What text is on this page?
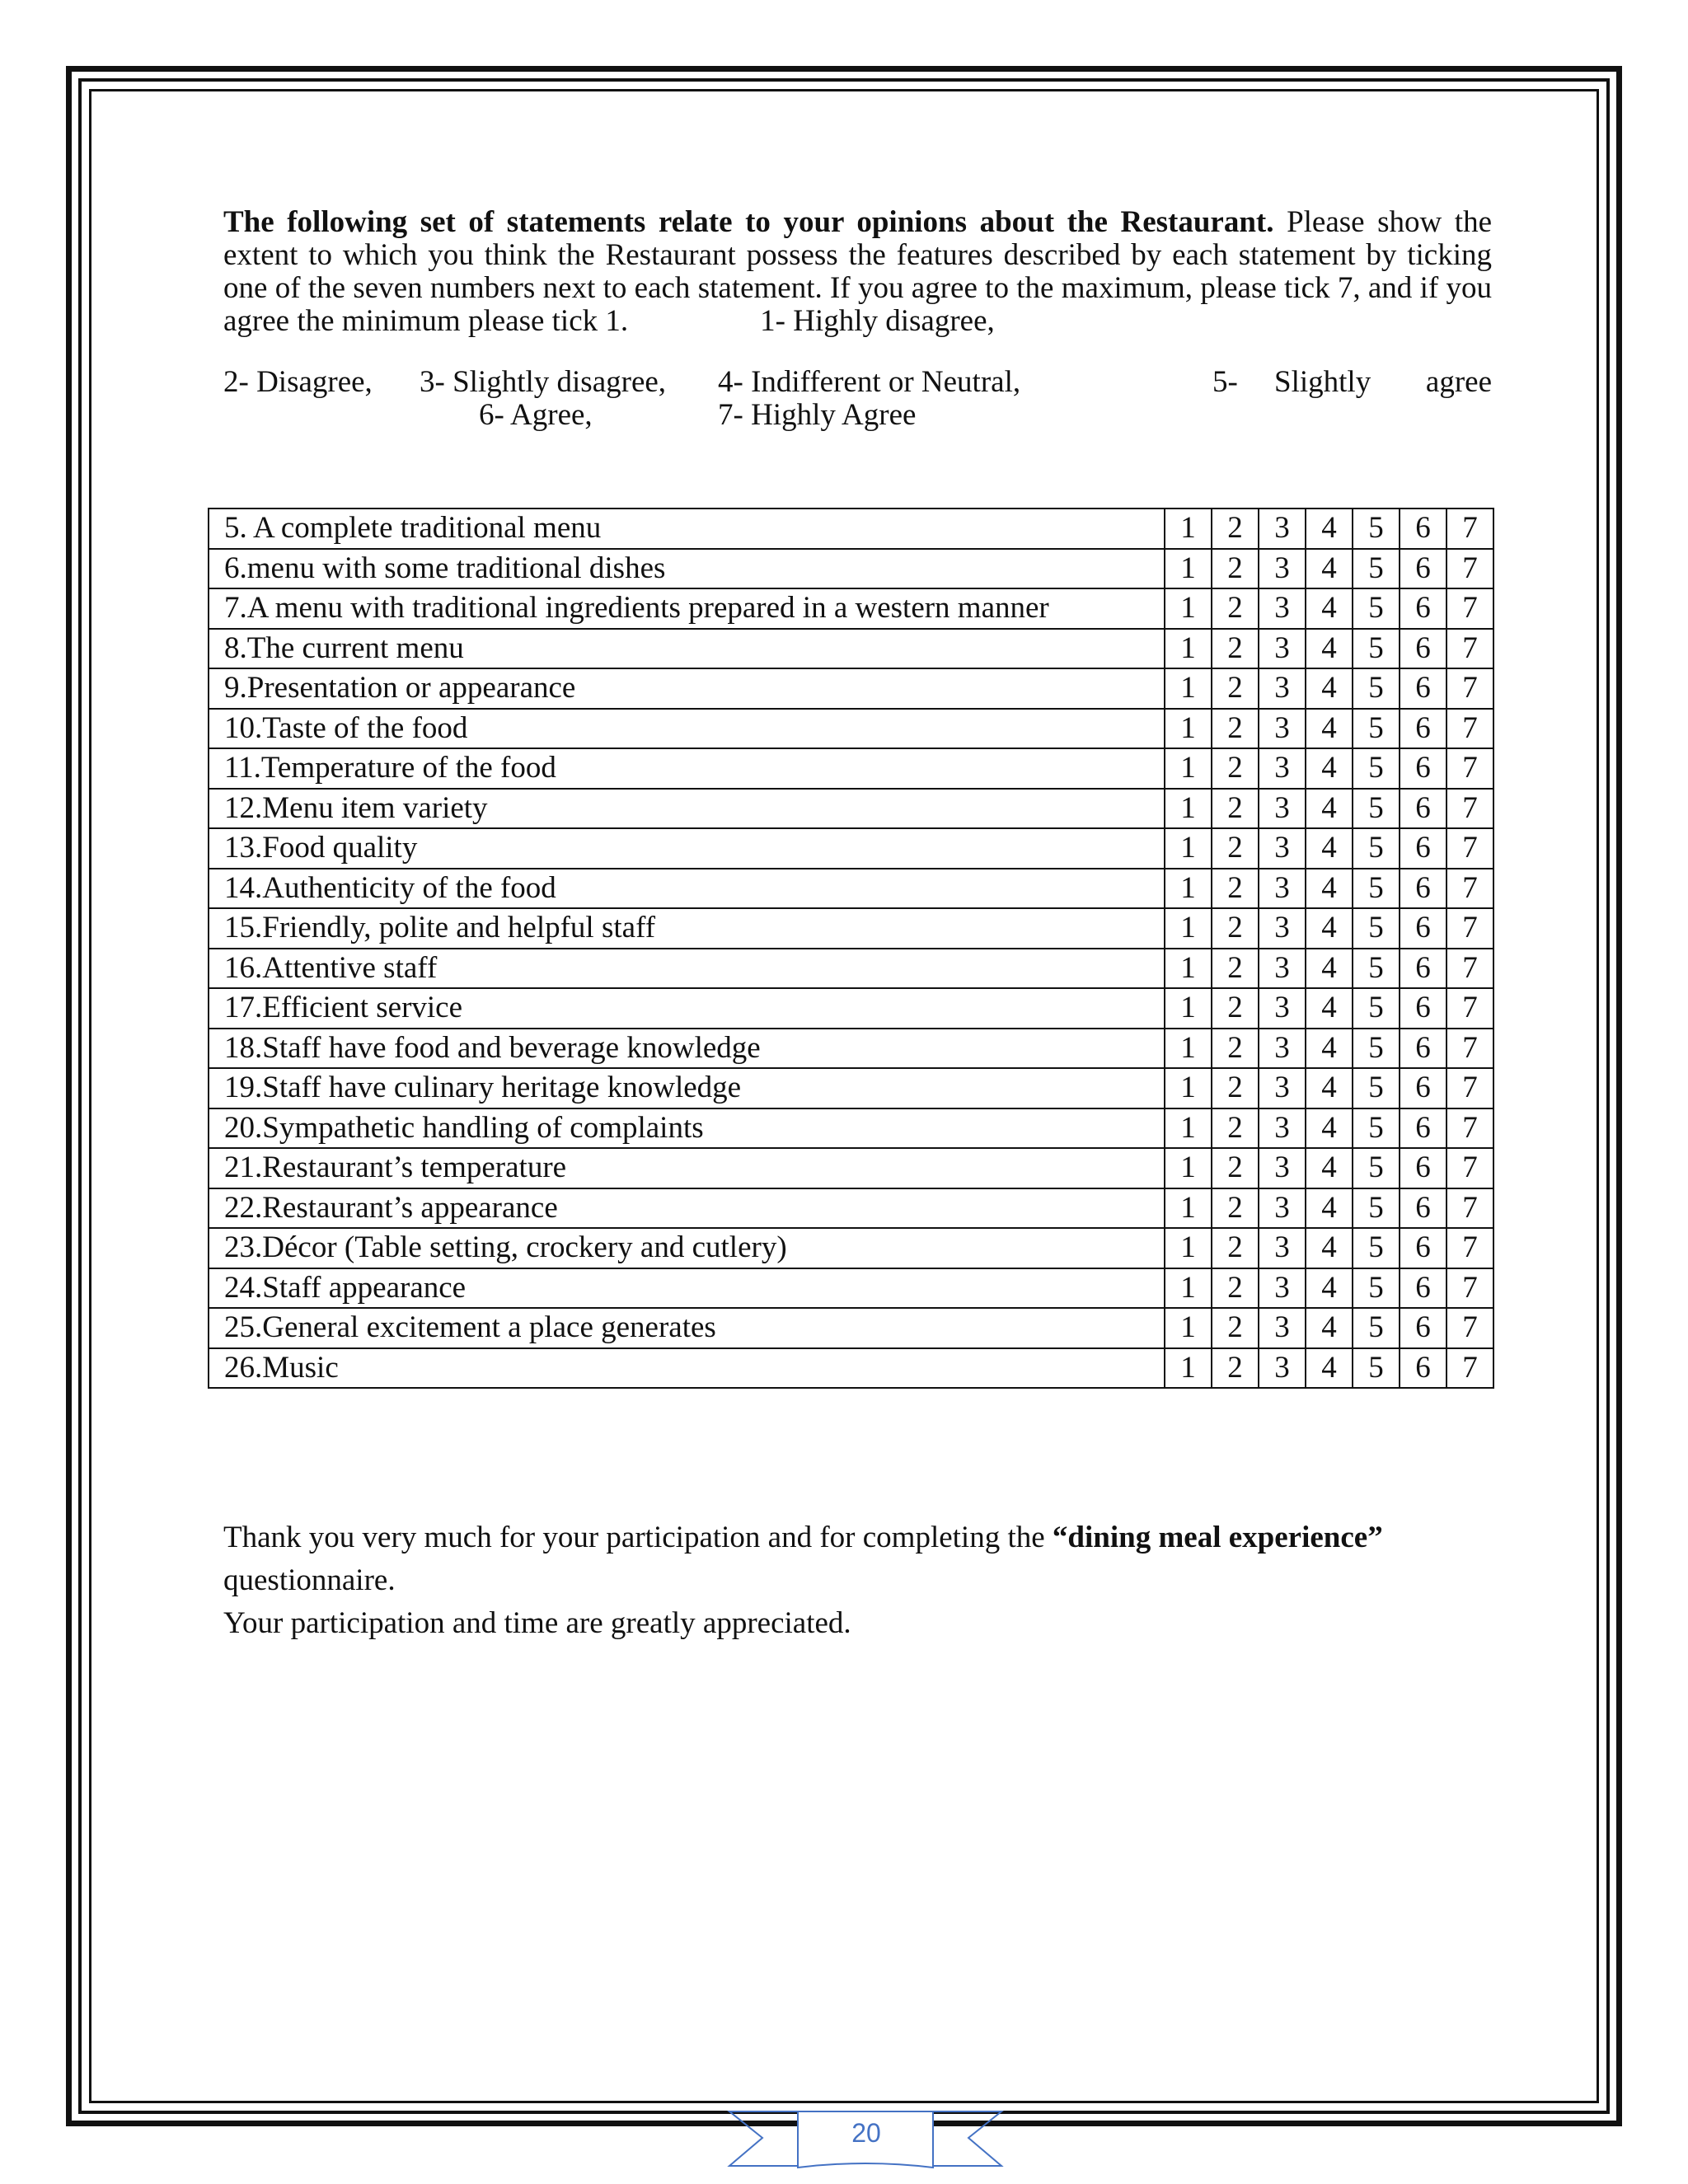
The following set of statements relate to your opinions about the Restaurant. Please show the extent to which you think the Restaurant possess the features described by each statement by ticking one of the seven numbers next to each statement. If you agree to the maximum, please tick 7, and if you agree the minimum please tick 1.	1- Highly disagree,

2- Disagree, 3- Slightly disagree, 4- Indifferent or Neutral,	5- Slightly agree
6- Agree,	7- Highly Agree
5. A complete traditional menu	1	2	3	4	5	6	7
6.menu with some traditional dishes	1	2	3	4	5	6	7
7.A menu with traditional ingredients prepared in a western manner	1	2	3	4	5	6	7
8.The current menu	1	2	3	4	5	6	7
9.Presentation or appearance	1	2	3	4	5	6	7
10.Taste of the food	1	2	3	4	5	6	7
11.Temperature of the food	1	2	3	4	5	6	7
12.Menu item variety	1	2	3	4	5	6	7
13.Food quality	1	2	3	4	5	6	7
14.Authenticity of the food	1	2	3	4	5	6	7
15.Friendly, polite and helpful staff	1	2	3	4	5	6	7
16.Attentive staff	1	2	3	4	5	6	7
17.Efficient service	1	2	3	4	5	6	7
18.Staff have food and beverage knowledge	1	2	3	4	5	6	7
19.Staff have culinary heritage knowledge	1	2	3	4	5	6	7
20.Sympathetic handling of complaints	1	2	3	4	5	6	7
21.Restaurant’s temperature	1	2	3	4	5	6	7
22.Restaurant’s appearance	1	2	3	4	5	6	7
23.Décor (Table setting, crockery and cutlery)	1	2	3	4	5	6	7
24.Staff appearance	1	2	3	4	5	6	7
25.General excitement a place generates	1	2	3	4	5	6	7
26.Music	1	2	3	4	5	6	7

Thank you very much for your participation and for completing the “dining meal experience”

questionnaire.

Your participation and time are greatly appreciated.

20
